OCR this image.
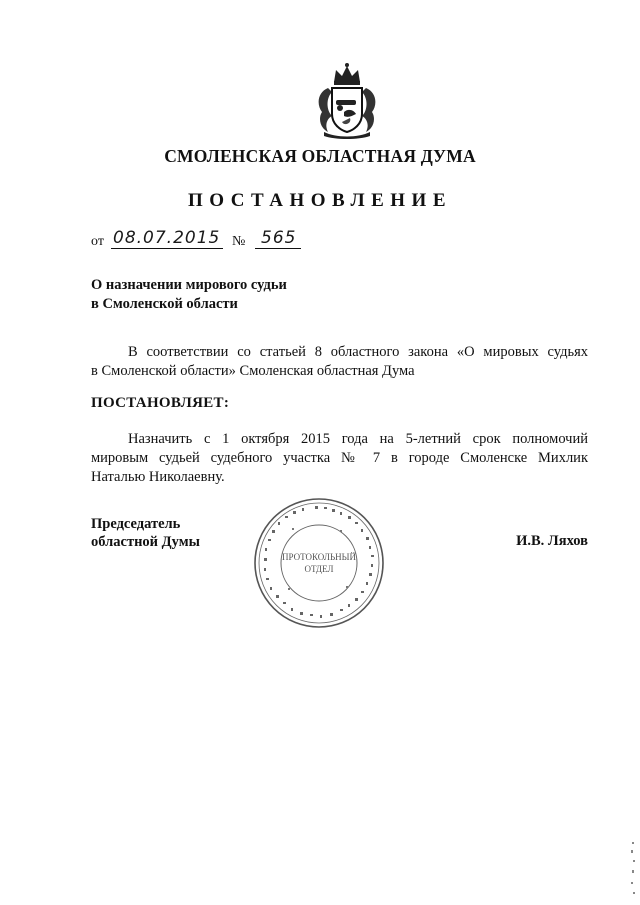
СМОЛЕНСКАЯ ОБЛАСТНАЯ ДУМА
ПОСТАНОВЛЕНИЕ
от 08.07.2015 № 565
О назначении мирового судьи
в Смоленской области
В соответствии со статьей 8 областного закона «О мировых судьях
в Смоленской области» Смоленская областная Дума
ПОСТАНОВЛЯЕТ:
Назначить с 1 октября 2015 года на 5-летний срок полномочий
мировым судьей судебного участка № 7 в городе Смоленске Михлик
Наталью Николаевну.
Председатель
областной Думы	И.В. Ляхов
ПРОТОКОЛЬНЫЙ
ОТДЕЛ
